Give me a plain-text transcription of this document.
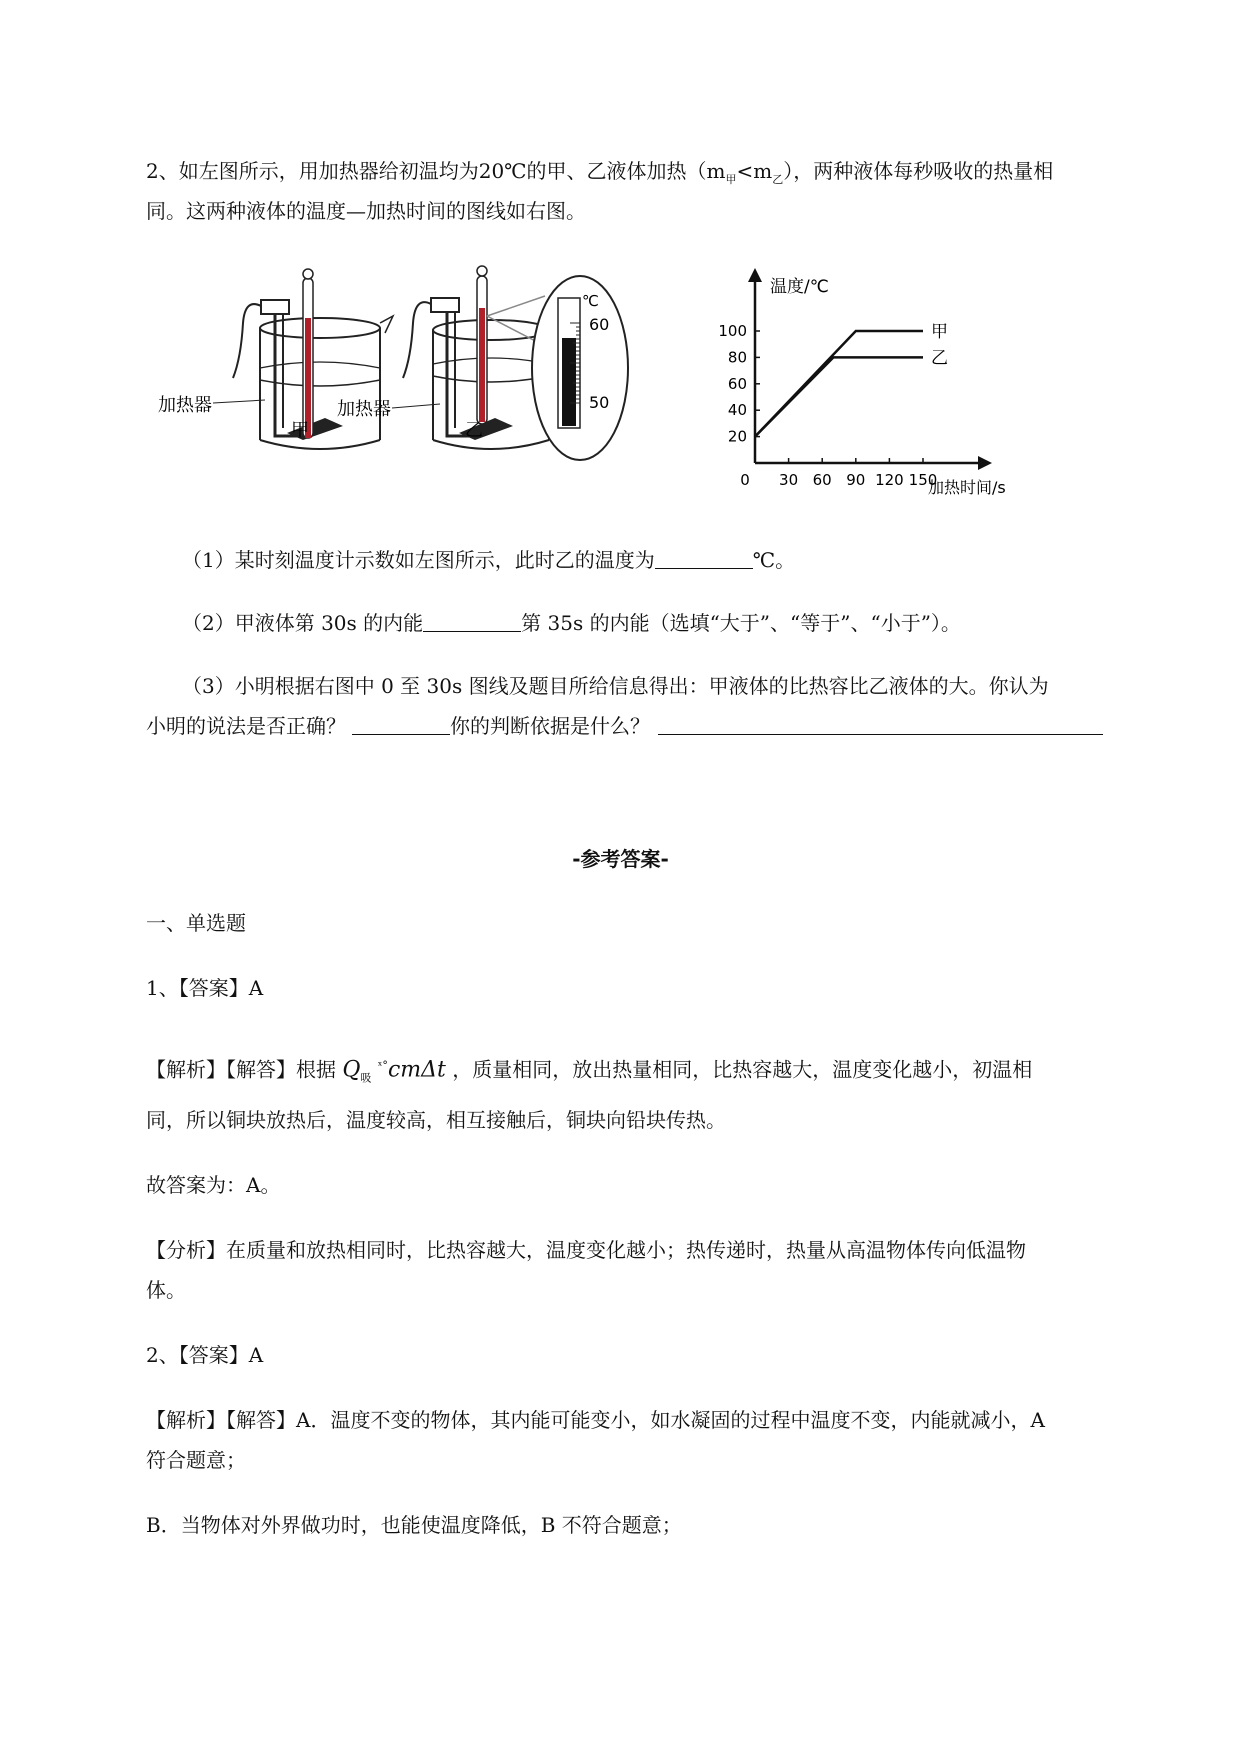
2、如左图所示，用加热器给初温均为20℃的甲、乙液体加热$(m_甲<m_乙)$，两种液体每秒吸收的热量相
同。这两种液体的温度—加热时间的图线如右图。
甲
加热器
乙
加热器
℃
60
50
温度/℃
加热时间/s
20
40
60
80
100
0 30 60 90 120 150
甲
乙
（1）某时刻温度计示数如左图所示，此时乙的温度为	℃。
（2）甲液体第 30s 的内能	第 35s 的内能（选填“大于”、“等于”、“小于”）。
（3）小明根据右图中 0 至 30s 图线及题目所给信息得出：甲液体的比热容比乙液体的大。你认为
小明的说法是否正确？	你的判断依据是什么？
-参考答案-
一、单选题
1、【答案】A
【解析】【解答】根据 $Q_吸$ $^{ˣ^\circ}$cmΔt ，质量相同，放出热量相同，比热容越大，温度变化越小，初温相
同，所以铜块放热后，温度较高，相互接触后，铜块向铅块传热。
故答案为：A。
【分析】在质量和放热相同时，比热容越大，温度变化越小；热传递时，热量从高温物体传向低温物
体。
2、【答案】A
【解析】【解答】A．温度不变的物体，其内能可能变小，如水凝固的过程中温度不变，内能就减小，A
符合题意；
B．当物体对外界做功时，也能使温度降低，B 不符合题意；
